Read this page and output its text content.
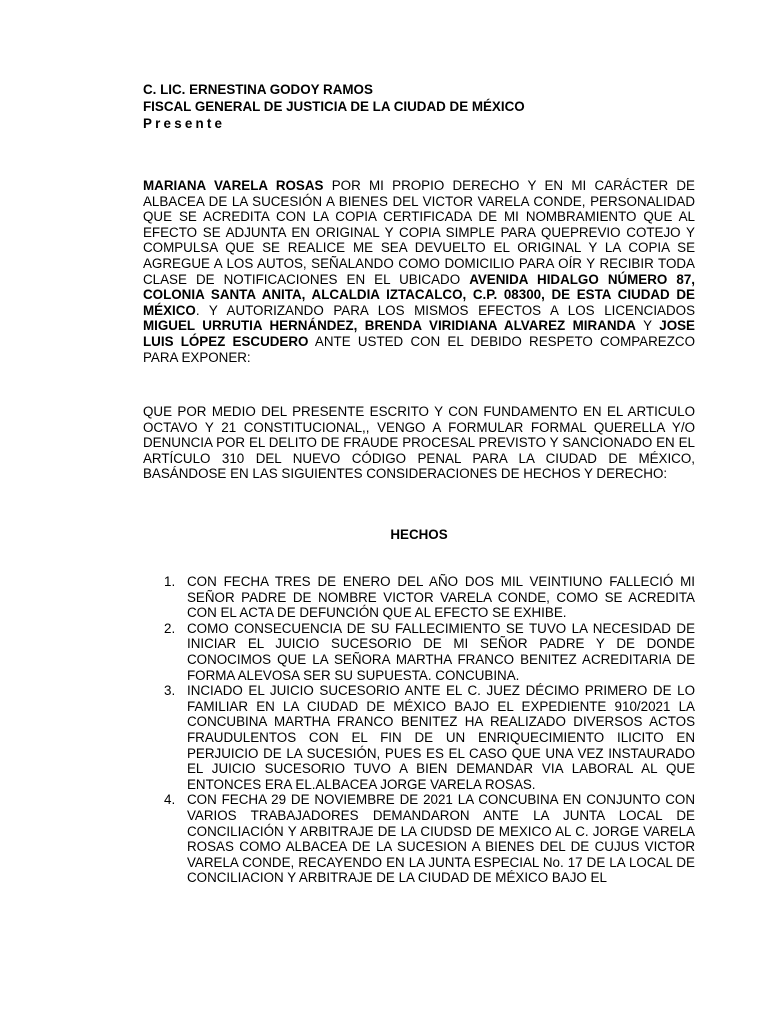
C. LIC. ERNESTINA GODOY RAMOS
FISCAL GENERAL DE JUSTICIA DE LA CIUDAD DE MÉXICO
Presente

MARIANA VARELA ROSAS POR MI PROPIO DERECHO Y EN MI CARÁCTER DE ALBACEA DE LA SUCESIÓN A BIENES DEL VICTOR VARELA CONDE, PERSONALIDAD QUE SE ACREDITA CON LA COPIA CERTIFICADA DE MI NOMBRAMIENTO QUE AL EFECTO SE ADJUNTA EN ORIGINAL Y COPIA SIMPLE PARA QUEPREVIO COTEJO Y COMPULSA QUE SE REALICE ME SEA DEVUELTO EL ORIGINAL Y LA COPIA SE AGREGUE A LOS AUTOS, SEÑALANDO COMO DOMICILIO PARA OÍR Y RECIBIR TODA CLASE DE NOTIFICACIONES EN EL UBICADO AVENIDA HIDALGO NÚMERO 87, COLONIA SANTA ANITA, ALCALDIA IZTACALCO, C.P. 08300, DE ESTA CIUDAD DE MÉXICO. Y AUTORIZANDO PARA LOS MISMOS EFECTOS A LOS LICENCIADOS MIGUEL URRUTIA HERNÁNDEZ, BRENDA VIRIDIANA ALVAREZ MIRANDA Y JOSE LUIS LÓPEZ ESCUDERO ANTE USTED CON EL DEBIDO RESPETO COMPAREZCO PARA EXPONER:

QUE POR MEDIO DEL PRESENTE ESCRITO Y CON FUNDAMENTO EN EL ARTICULO OCTAVO Y 21 CONSTITUCIONAL,, VENGO A FORMULAR FORMAL QUERELLA Y/O DENUNCIA POR EL DELITO DE FRAUDE PROCESAL PREVISTO Y SANCIONADO EN EL ARTÍCULO 310 DEL NUEVO CÓDIGO PENAL PARA LA CIUDAD DE MÉXICO, BASÁNDOSE EN LAS SIGUIENTES CONSIDERACIONES DE HECHOS Y DERECHO:

HECHOS
1. CON FECHA TRES DE ENERO DEL AÑO DOS MIL VEINTIUNO FALLECIÓ MI SEÑOR PADRE DE NOMBRE VICTOR VARELA CONDE, COMO SE ACREDITA CON EL ACTA DE DEFUNCIÓN QUE AL EFECTO SE EXHIBE.
2. COMO CONSECUENCIA DE SU FALLECIMIENTO SE TUVO LA NECESIDAD DE INICIAR EL JUICIO SUCESORIO DE MI SEÑOR PADRE Y DE DONDE CONOCIMOS QUE LA SEÑORA MARTHA FRANCO BENITEZ ACREDITARIA DE FORMA ALEVOSA SER SU SUPUESTA. CONCUBINA.
3. INCIADO EL JUICIO SUCESORIO ANTE EL C. JUEZ DÉCIMO PRIMERO DE LO FAMILIAR EN LA CIUDAD DE MÉXICO BAJO EL EXPEDIENTE 910/2021 LA CONCUBINA MARTHA FRANCO BENITEZ HA REALIZADO DIVERSOS ACTOS FRAUDULENTOS CON EL FIN DE UN ENRIQUECIMIENTO ILICITO EN PERJUICIO DE LA SUCESIÓN, PUES ES EL CASO QUE UNA VEZ INSTAURADO EL JUICIO SUCESORIO TUVO A BIEN DEMANDAR VIA LABORAL AL QUE ENTONCES ERA EL.ALBACEA JORGE VARELA ROSAS.
4. CON FECHA 29 DE NOVIEMBRE DE 2021 LA CONCUBINA EN CONJUNTO CON VARIOS TRABAJADORES DEMANDARON ANTE LA JUNTA LOCAL DE CONCILIACIÓN Y ARBITRAJE DE LA CIUDSD DE MEXICO AL C. JORGE VARELA ROSAS COMO ALBACEA DE LA SUCESION A BIENES DEL DE CUJUS VICTOR VARELA CONDE, RECAYENDO EN LA JUNTA ESPECIAL No. 17 DE LA LOCAL DE CONCILIACION Y ARBITRAJE DE LA CIUDAD DE MÉXICO BAJO EL
